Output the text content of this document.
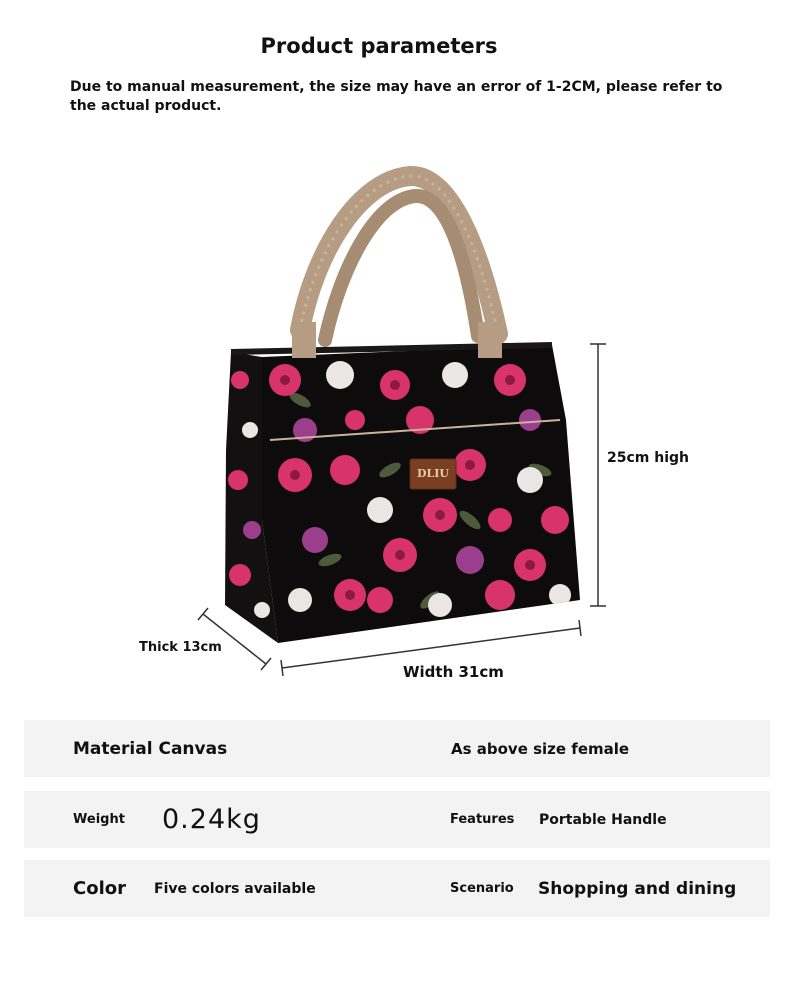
Product parameters
Due to manual measurement, the size may have an error of 1-2CM, please refer to the actual product.
DLIU
25cm high
Thick 13cm
Width 31cm
Material Canvas	As above size female
Weight 0.24kg	Features Portable Handle
Color Five colors available	Scenario Shopping and dining
